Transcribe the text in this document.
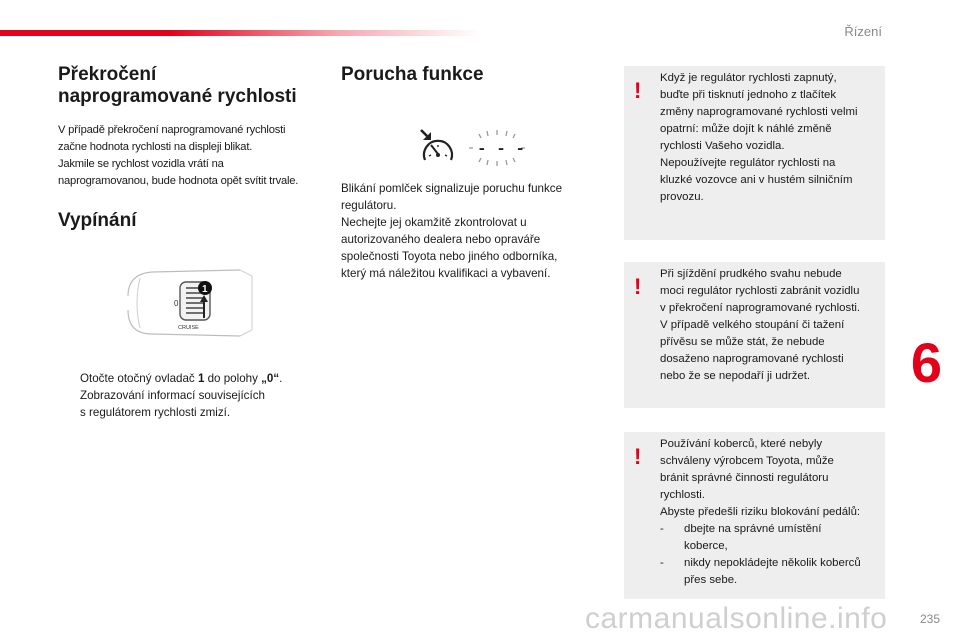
Řízení
6
235
carmanualsonline.info
Překročení
naprogramované rychlosti

V případě překročení naprogramované rychlosti
začne hodnota rychlosti na displeji blikat.
Jakmile se rychlost vozidla vrátí na
naprogramovanou, bude hodnota opět svítit trvale.

Vypínání
0
CRUISE
1
Otočte otočný ovladač 1 do polohy „0“.
Zobrazování informací souvisejících
s regulátorem rychlosti zmizí.
Porucha funkce

Blikání pomlček signalizuje poruchu funkce
regulátoru.
Nechejte jej okamžitě zkontrolovat u
autorizovaného dealera nebo opraváře
společnosti Toyota nebo jiného odborníka,
který má náležitou kvalifikaci a vybavení.

- - -
! Když je regulátor rychlosti zapnutý,
buďte při tisknutí jednoho z tlačítek
změny naprogramované rychlosti velmi
opatrní: může dojít k náhlé změně
rychlosti Vašeho vozidla.
Nepoužívejte regulátor rychlosti na
kluzké vozovce ani v hustém silničním
provozu.
! Při sjíždění prudkého svahu nebude
moci regulátor rychlosti zabránit vozidlu
v překročení naprogramované rychlosti.
V případě velkého stoupání či tažení
přívěsu se může stát, že nebude
dosaženo naprogramované rychlosti
nebo že se nepodaří ji udržet.
! Používání koberců, které nebyly
schváleny výrobcem Toyota, může
bránit správné činnosti regulátoru
rychlosti.
Abyste předešli riziku blokování pedálů:
- dbejte na správné umístění
koberce,
- nikdy nepokládejte několik koberců
přes sebe.
